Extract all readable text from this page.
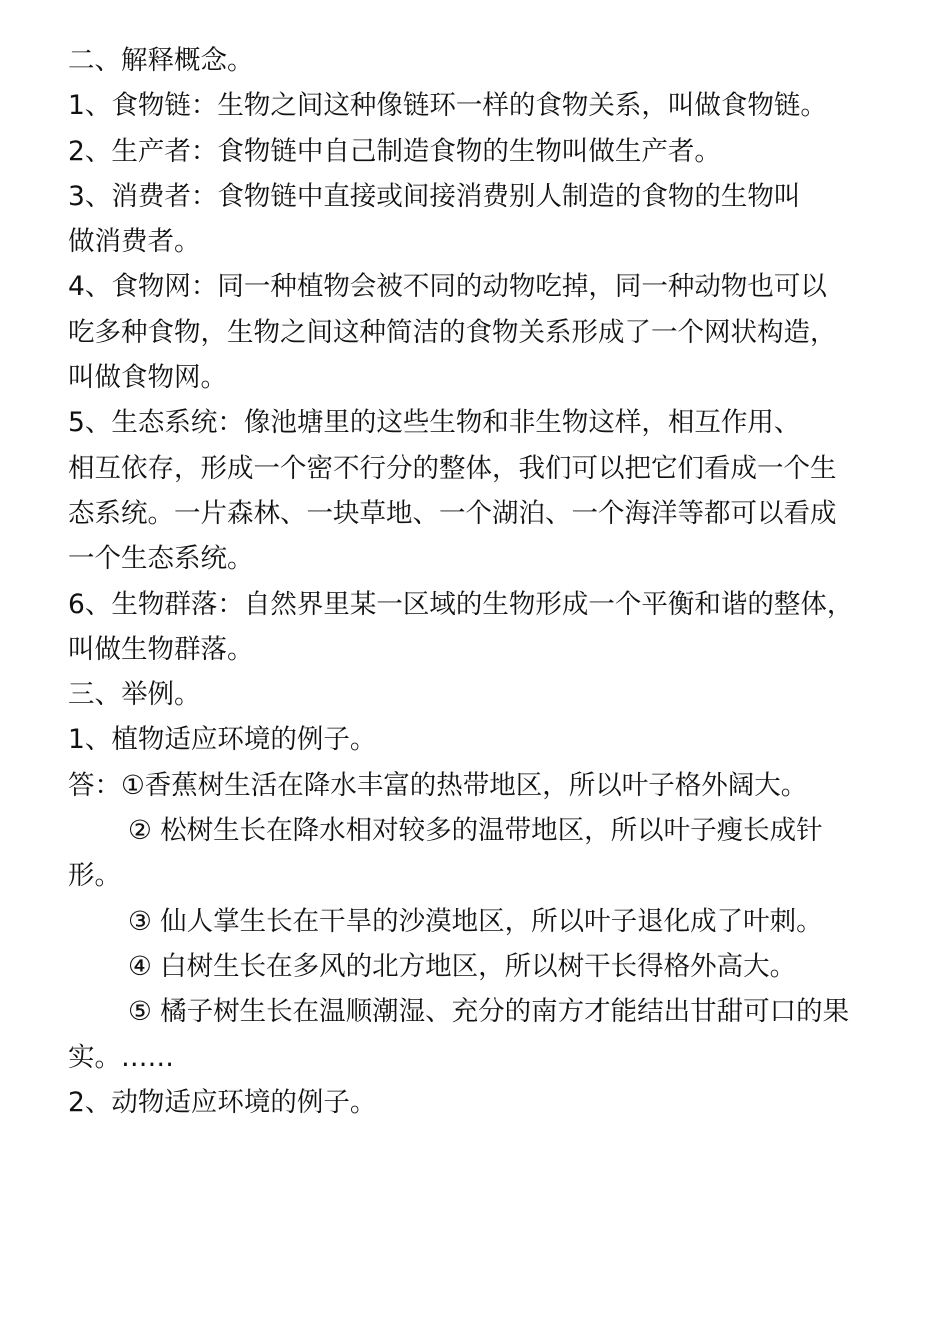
二、解释概念。
1、食物链：生物之间这种像链环一样的食物关系，叫做食物链。
2、生产者：食物链中自己制造食物的生物叫做生产者。
3、消费者：食物链中直接或间接消费别人制造的食物的生物叫
做消费者。
4、食物网：同一种植物会被不同的动物吃掉，同一种动物也可以
吃多种食物，生物之间这种简洁的食物关系形成了一个网状构造，
叫做食物网。
5、生态系统：像池塘里的这些生物和非生物这样，相互作用、
相互依存，形成一个密不行分的整体，我们可以把它们看成一个生
态系统。一片森林、一块草地、一个湖泊、一个海洋等都可以看成
一个生态系统。
6、生物群落：自然界里某一区域的生物形成一个平衡和谐的整体，
叫做生物群落。
三、举例。
1、植物适应环境的例子。
答：①香蕉树生活在降水丰富的热带地区，所以叶子格外阔大。
② 松树生长在降水相对较多的温带地区，所以叶子瘦长成针
形。
③ 仙人掌生长在干旱的沙漠地区，所以叶子退化成了叶刺。
④ 白树生长在多风的北方地区，所以树干长得格外高大。
⑤ 橘子树生长在温顺潮湿、充分的南方才能结出甘甜可口的果
实。……
2、动物适应环境的例子。
